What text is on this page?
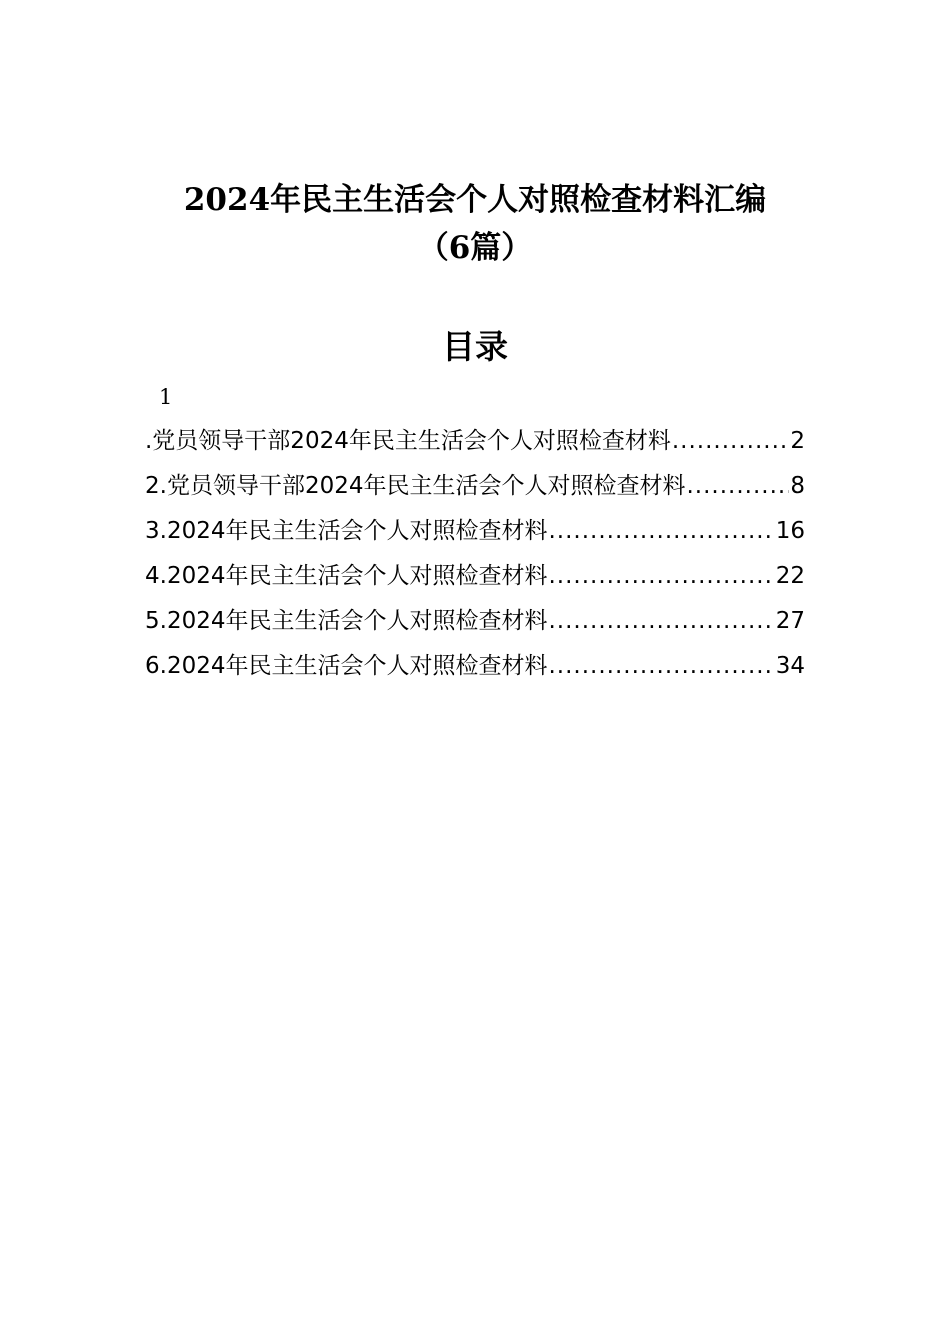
2024年民主生活会个人对照检查材料汇编
（6篇）
目录
1
.党员领导干部2024年民主生活会个人对照检查材料 .....	2
2.党员领导干部2024年民主生活会个人对照检查材料 .....	8
3.2024年民主生活会个人对照检查材料 .....	16
4.2024年民主生活会个人对照检查材料 .....	22
5.2024年民主生活会个人对照检查材料 .....	27
6.2024年民主生活会个人对照检查材料 .....	34
